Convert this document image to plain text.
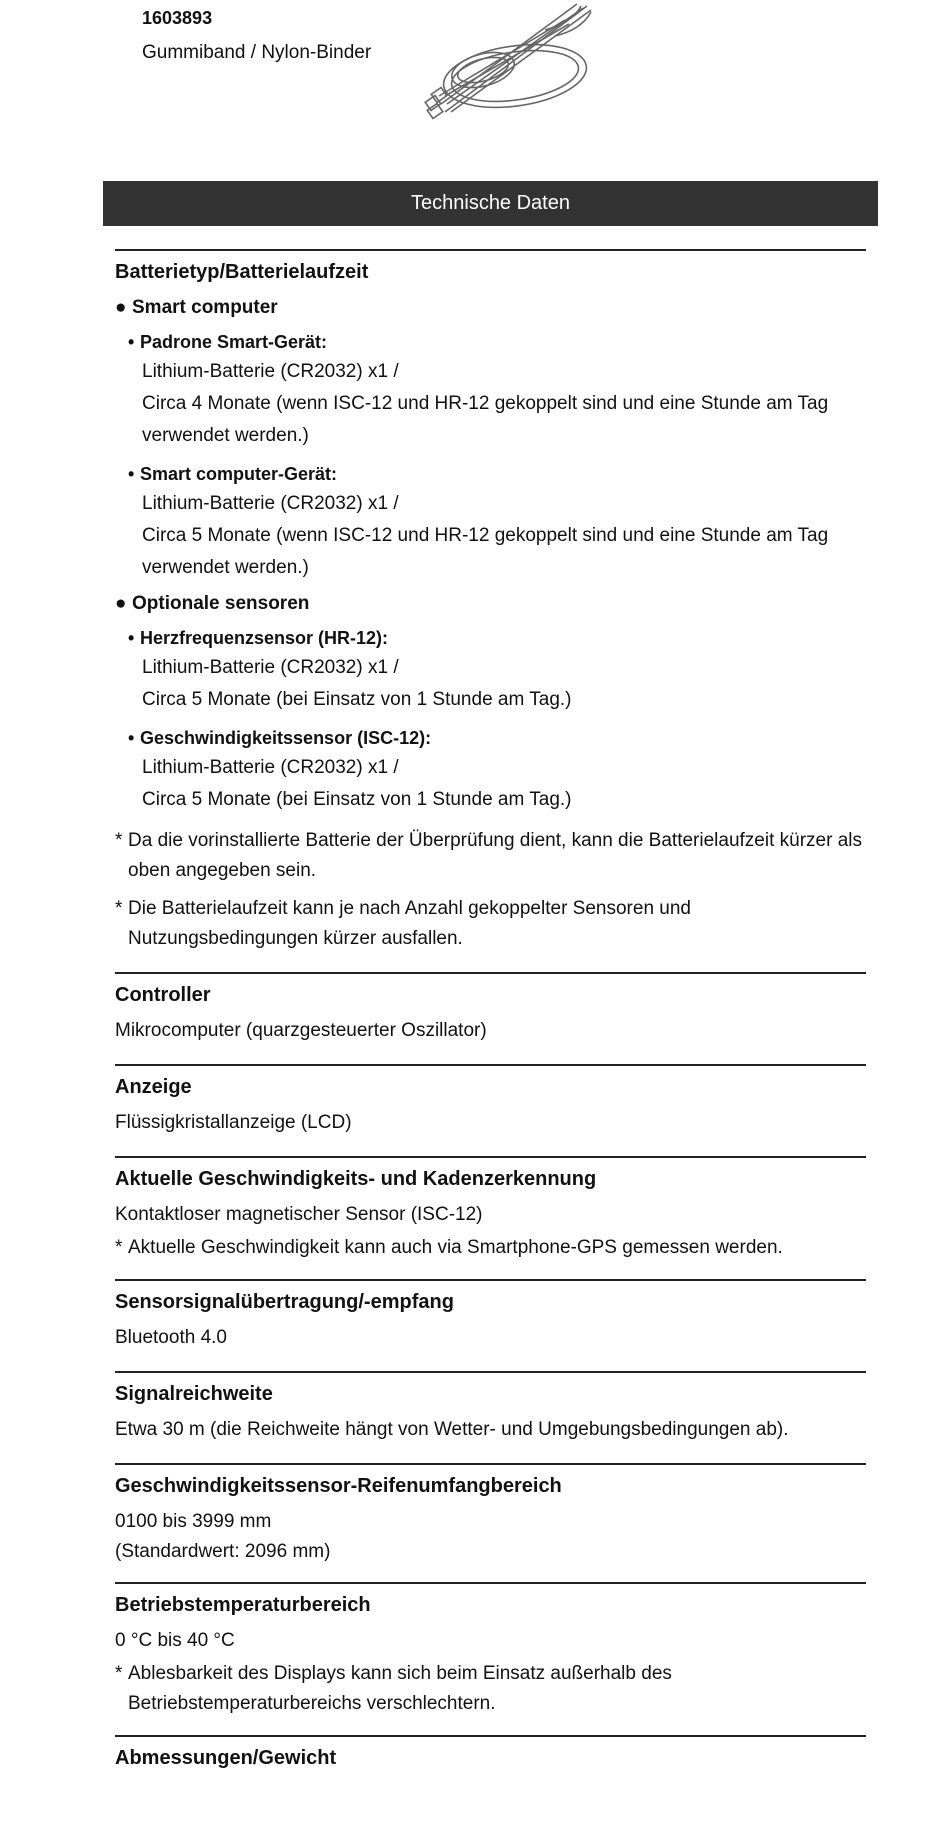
1603893
Gummiband / Nylon-Binder
Technische Daten
Batterietyp/Batterielaufzeit
● Smart computer
• Padrone Smart-Gerät:
Lithium-Batterie (CR2032) x1 /
Circa 4 Monate (wenn ISC-12 und HR-12 gekoppelt sind und eine Stunde am Tag
verwendet werden.)
• Smart computer-Gerät:
Lithium-Batterie (CR2032) x1 /
Circa 5 Monate (wenn ISC-12 und HR-12 gekoppelt sind und eine Stunde am Tag
verwendet werden.)
● Optionale sensoren
• Herzfrequenzsensor (HR-12):
Lithium-Batterie (CR2032) x1 /
Circa 5 Monate (bei Einsatz von 1 Stunde am Tag.)
• Geschwindigkeitssensor (ISC-12):
Lithium-Batterie (CR2032) x1 /
Circa 5 Monate (bei Einsatz von 1 Stunde am Tag.)
* Da die vorinstallierte Batterie der Überprüfung dient, kann die Batterielaufzeit kürzer als
oben angegeben sein.
* Die Batterielaufzeit kann je nach Anzahl gekoppelter Sensoren und
Nutzungsbedingungen kürzer ausfallen.
Controller
Mikrocomputer (quarzgesteuerter Oszillator)
Anzeige
Flüssigkristallanzeige (LCD)
Aktuelle Geschwindigkeits- und Kadenzerkennung
Kontaktloser magnetischer Sensor (ISC-12)
* Aktuelle Geschwindigkeit kann auch via Smartphone-GPS gemessen werden.
Sensorsignalübertragung/-empfang
Bluetooth 4.0
Signalreichweite
Etwa 30 m (die Reichweite hängt von Wetter- und Umgebungsbedingungen ab).
Geschwindigkeitssensor-Reifenumfangbereich
0100 bis 3999 mm
(Standardwert: 2096 mm)
Betriebstemperaturbereich
0 °C bis 40 °C
* Ablesbarkeit des Displays kann sich beim Einsatz außerhalb des
Betriebstemperaturbereichs verschlechtern.
Abmessungen/Gewicht
